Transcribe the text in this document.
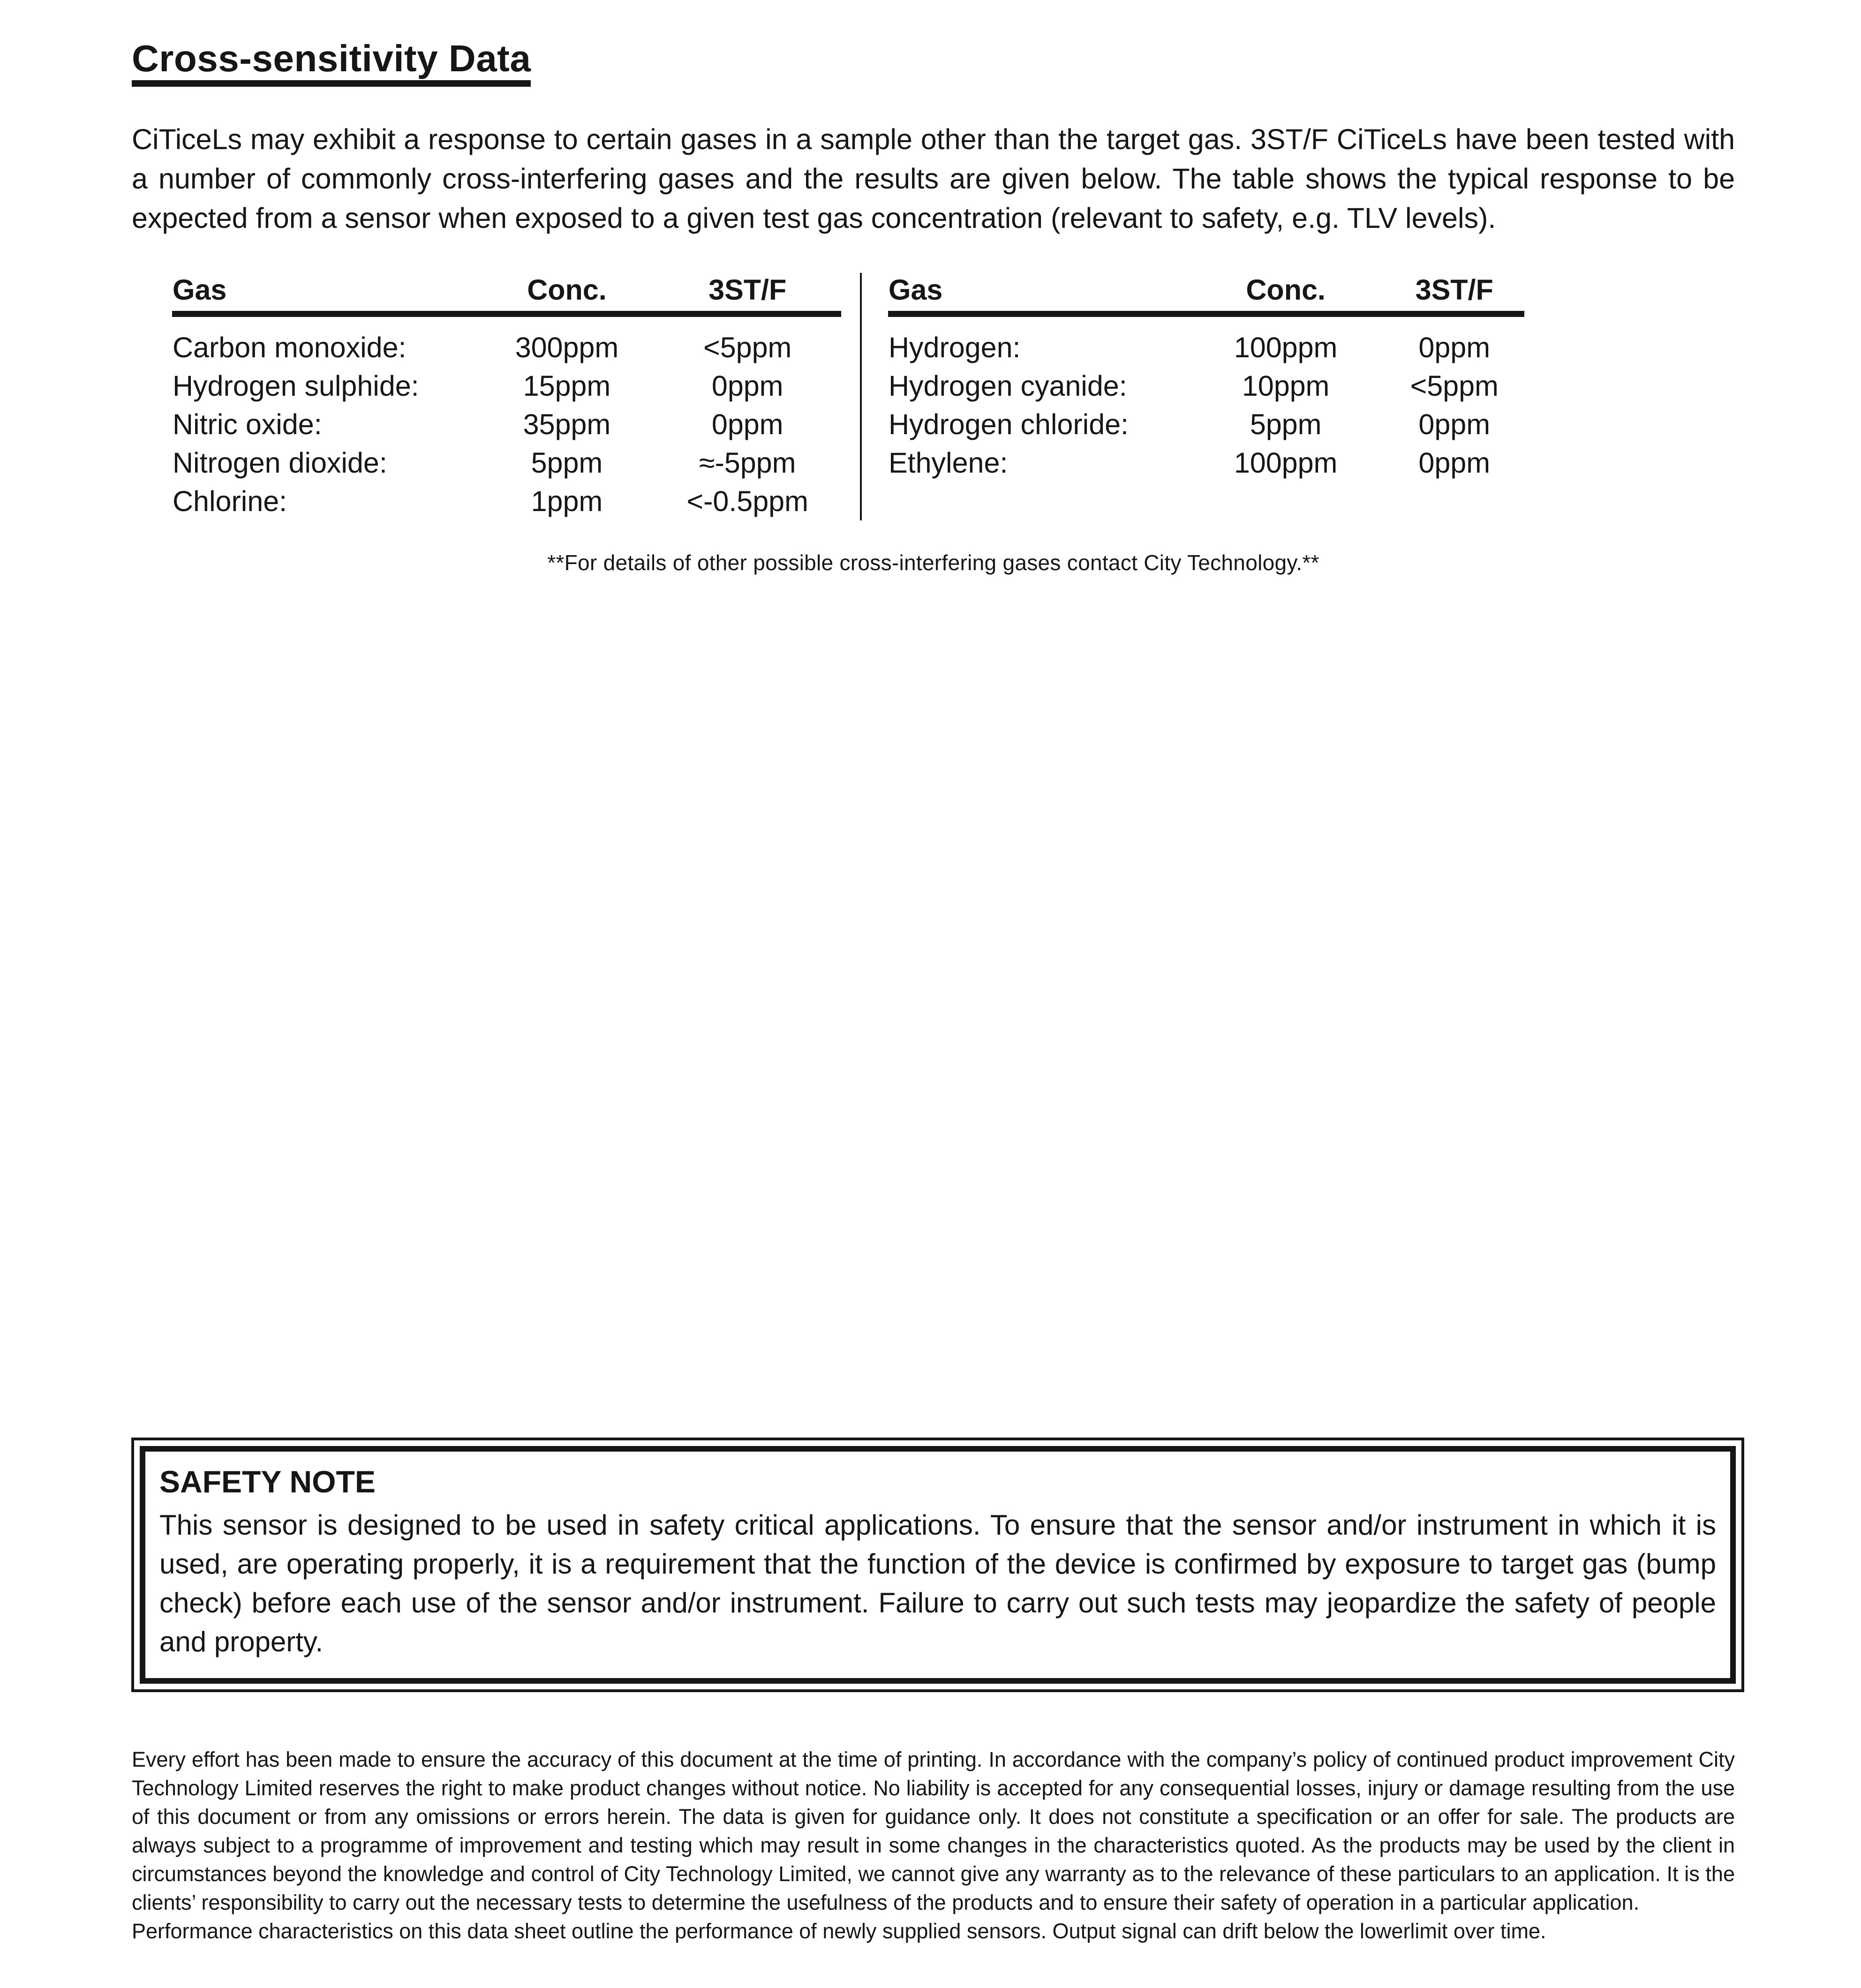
Cross-sensitivity Data
CiTiceLs may exhibit a response to certain gases in a sample other than the target gas. 3ST/F CiTiceLs have been tested with a number of commonly cross-interfering gases and the results are given below. The table shows the typical response to be expected from a sensor when exposed to a given test gas concentration (relevant to safety, e.g. TLV levels).
Gas	Conc.	3ST/F
Carbon monoxide:	300ppm	<5ppm
Hydrogen sulphide:	15ppm	0ppm
Nitric oxide:	35ppm	0ppm
Nitrogen dioxide:	5ppm	≈-5ppm
Chlorine:	1ppm	<-0.5ppm
Gas	Conc.	3ST/F
Hydrogen:	100ppm	0ppm
Hydrogen cyanide:	10ppm	<5ppm
Hydrogen chloride:	5ppm	0ppm
Ethylene:	100ppm	0ppm
**For details of other possible cross-interfering gases contact City Technology.**
SAFETY NOTE
This sensor is designed to be used in safety critical applications. To ensure that the sensor and/or instrument in which it is used, are operating properly, it is a requirement that the function of the device is confirmed by exposure to target gas (bump check) before each use of the sensor and/or instrument. Failure to carry out such tests may jeopardize the safety of people and property.
Every effort has been made to ensure the accuracy of this document at the time of printing. In accordance with the company’s policy of continued product improvement City Technology Limited reserves the right to make product changes without notice. No liability is accepted for any consequential losses, injury or damage resulting from the use of this document or from any omissions or errors herein. The data is given for guidance only. It does not constitute a specification or an offer for sale. The products are always subject to a programme of improvement and testing which may result in some changes in the characteristics quoted. As the products may be used by the client in circumstances beyond the knowledge and control of City Technology Limited, we cannot give any warranty as to the relevance of these particulars to an application. It is the clients’ responsibility to carry out the necessary tests to determine the usefulness of the products and to ensure their safety of operation in a particular application.
Performance characteristics on this data sheet outline the performance of newly supplied sensors. Output signal can drift below the lowerlimit over time.
